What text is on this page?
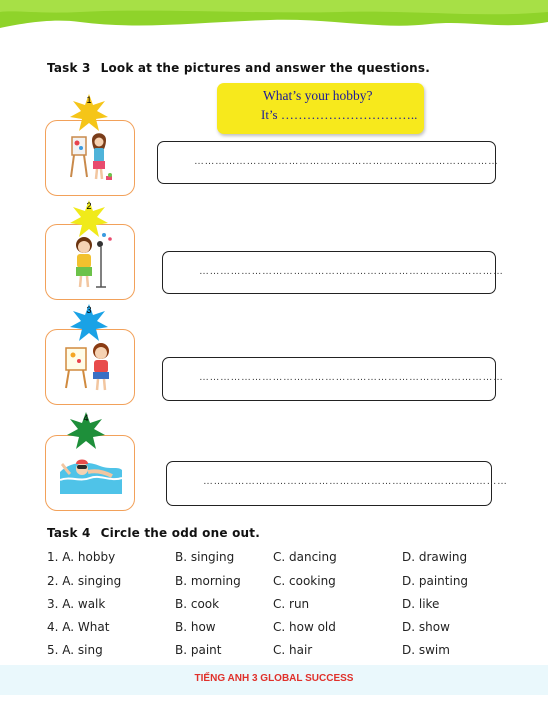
Task 3 Look at the pictures and answer the questions.
What’s your hobby?
It’s …………………………..
1
……………………………………………………………………………
2
……………………………………………………………………………
3
……………………………………………………………………………
4
……………………………………………………………………………
Task 4 Circle the odd one out.
1. A. hobby	B. singing	C. dancing	D. drawing
2. A. singing	B. morning	C. cooking	D. painting
3. A. walk	B. cook	C. run	D. like
4. A. What	B. how	C. how old	D. show
5. A. sing	B. paint	C. hair	D. swim
TIẾNG ANH 3 GLOBAL SUCCESS
